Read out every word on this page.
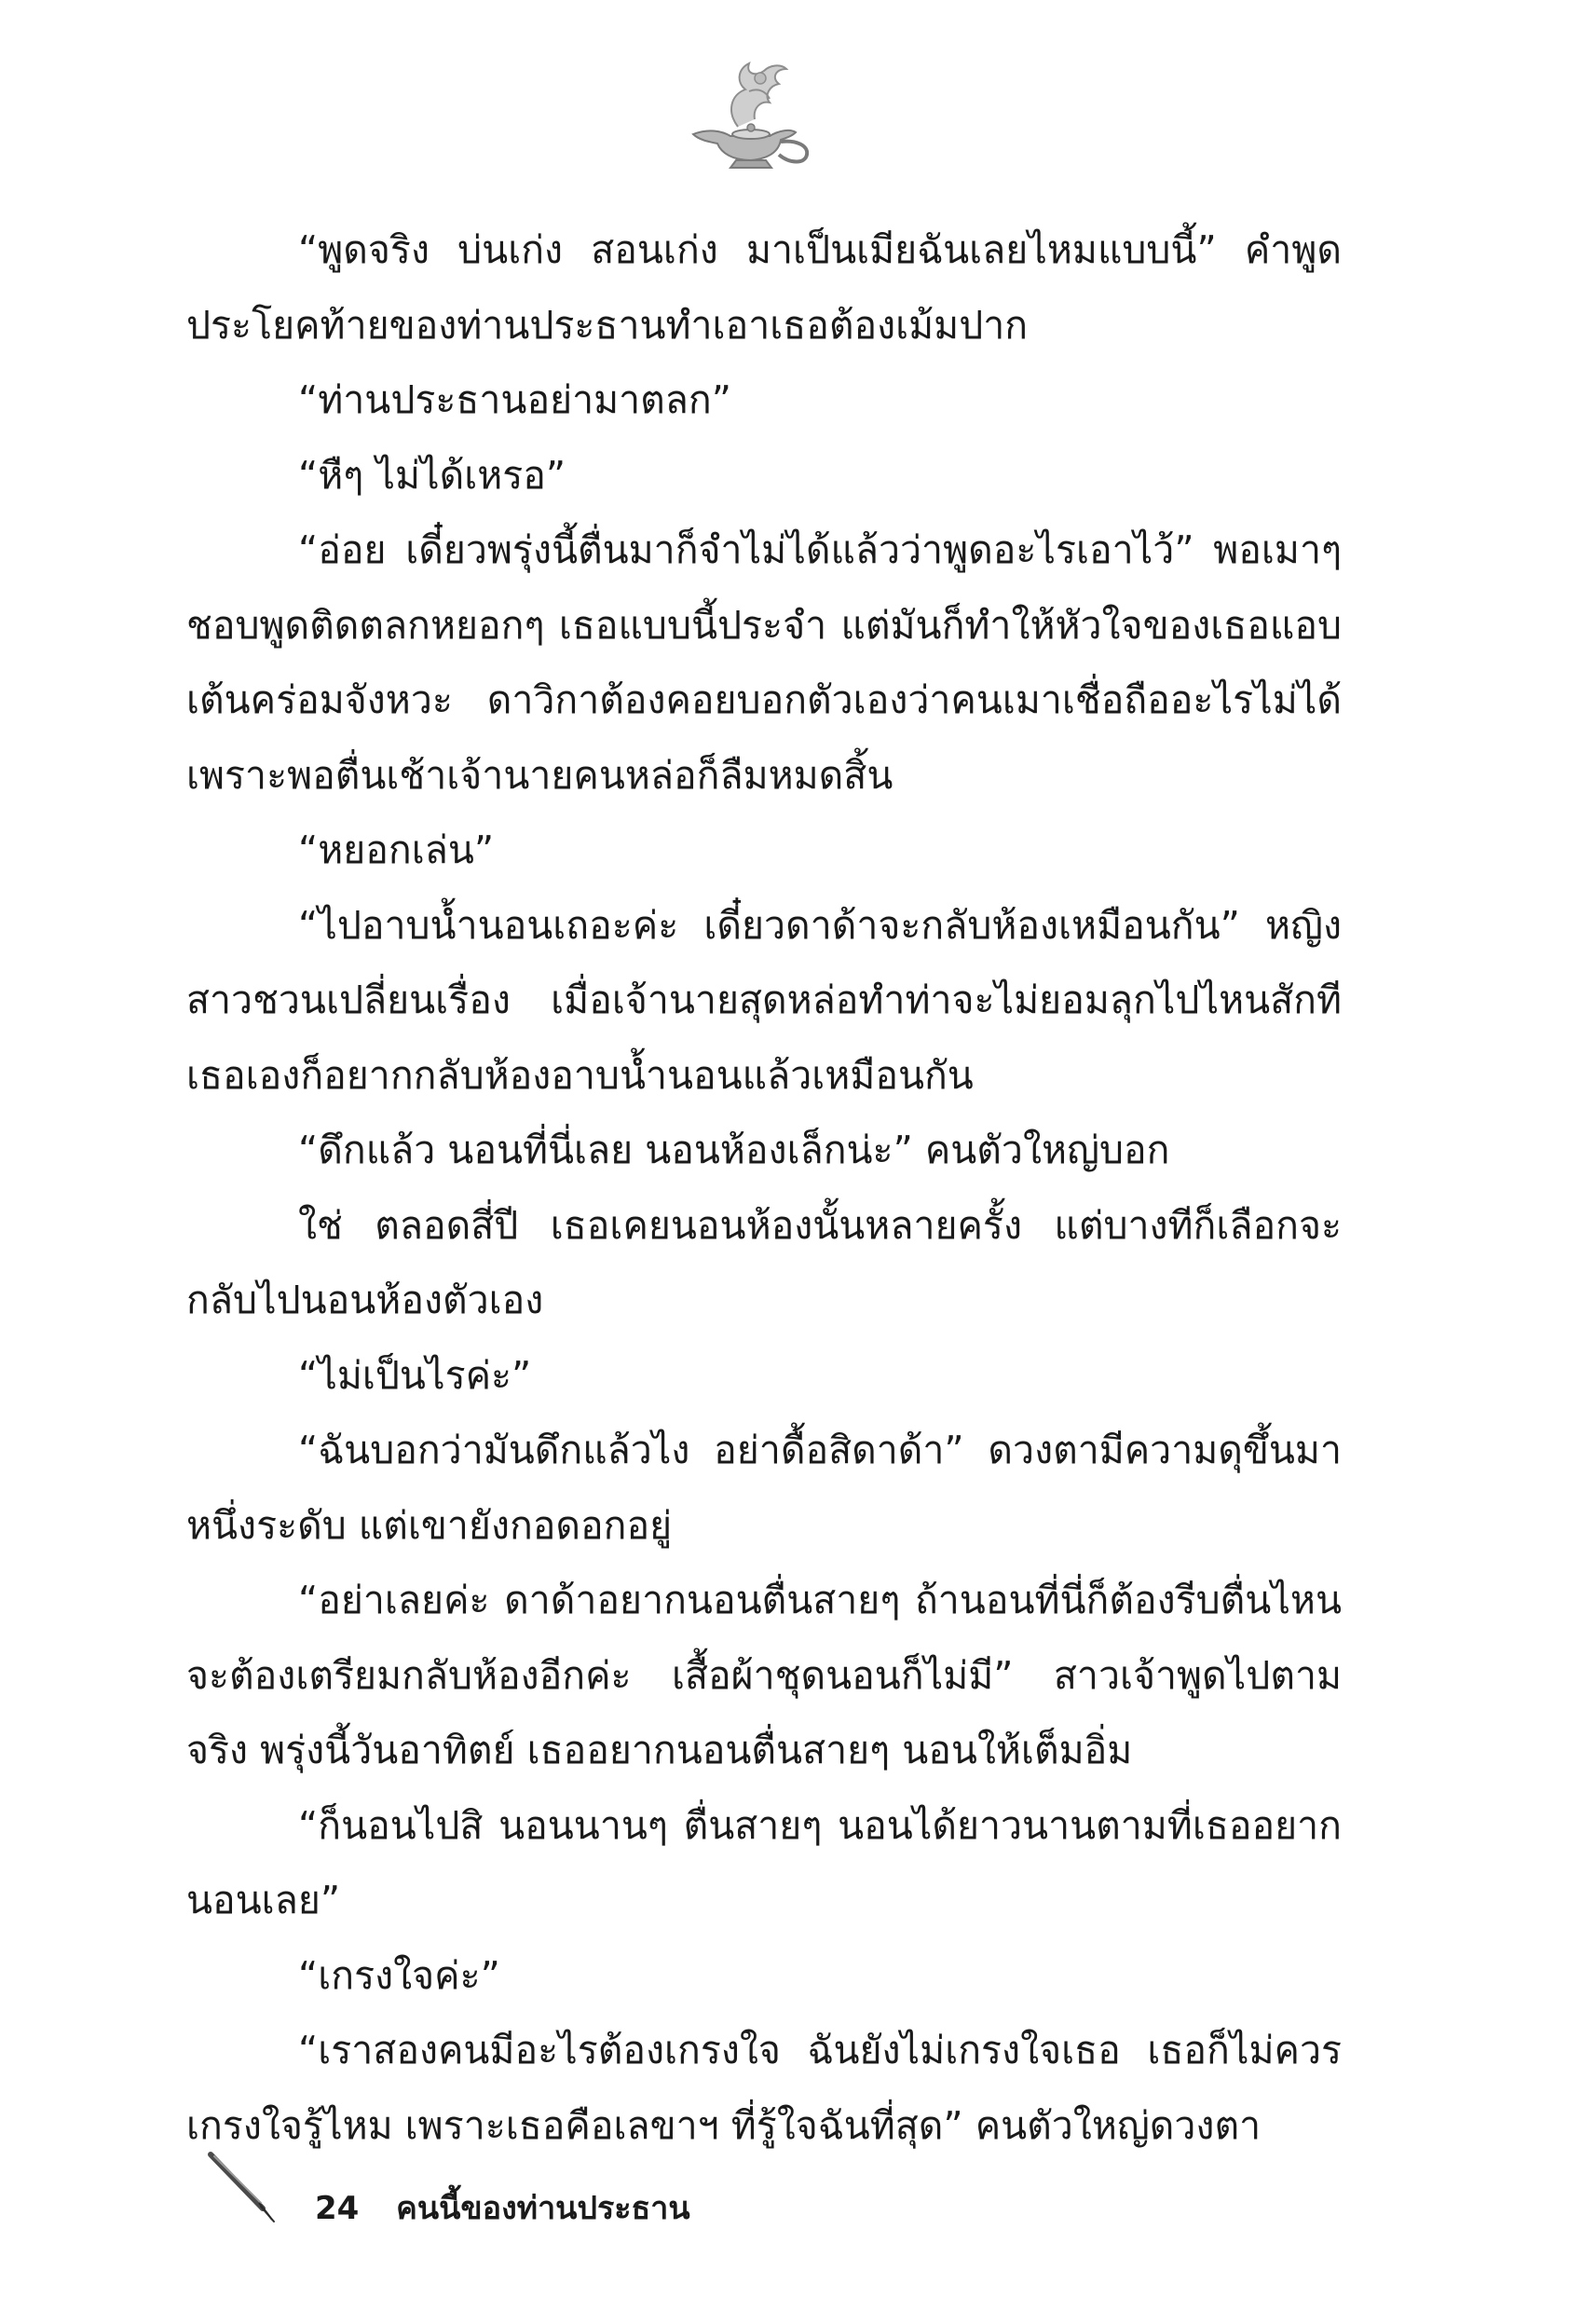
“พูดจริง บ่นเก่ง สอนเก่ง มาเป็นเมียฉันเลยไหมแบบนี้” คำพูดประโยคท้ายของท่านประธานทำเอาเธอต้องเม้มปาก

“ท่านประธานอย่ามาตลก”

“หืๆ ไม่ได้เหรอ”

“อ่อย เดี๋ยวพรุ่งนี้ตื่นมาก็จำไม่ได้แล้วว่าพูดอะไรเอาไว้” พอเมาๆ ชอบพูดติดตลกหยอกๆ เธอแบบนี้ประจำ แต่มันก็ทำให้หัวใจของเธอแอบเต้นคร่อมจังหวะ ดาวิกาต้องคอยบอกตัวเองว่าคนเมาเชื่อถืออะไรไม่ได้ เพราะพอตื่นเช้าเจ้านายคนหล่อก็ลืมหมดสิ้น

“หยอกเล่น”

“ไปอาบน้ำนอนเถอะค่ะ เดี๋ยวดาด้าจะกลับห้องเหมือนกัน” หญิงสาวชวนเปลี่ยนเรื่อง เมื่อเจ้านายสุดหล่อทำท่าจะไม่ยอมลุกไปไหนสักที เธอเองก็อยากกลับห้องอาบน้ำนอนแล้วเหมือนกัน

“ดึกแล้ว นอนที่นี่เลย นอนห้องเล็กน่ะ” คนตัวใหญ่บอก

ใช่ ตลอดสี่ปี เธอเคยนอนห้องนั้นหลายครั้ง แต่บางทีก็เลือกจะกลับไปนอนห้องตัวเอง

“ไม่เป็นไรค่ะ”

“ฉันบอกว่ามันดึกแล้วไง อย่าดื้อสิดาด้า” ดวงตามีความดุขึ้นมาหนึ่งระดับ แต่เขายังกอดอกอยู่

“อย่าเลยค่ะ ดาด้าอยากนอนตื่นสายๆ ถ้านอนที่นี่ก็ต้องรีบตื่นไหนจะต้องเตรียมกลับห้องอีกค่ะ เสื้อผ้าชุดนอนก็ไม่มี” สาวเจ้าพูดไปตามจริง พรุ่งนี้วันอาทิตย์ เธออยากนอนตื่นสายๆ นอนให้เต็มอิ่ม

“ก็นอนไปสิ นอนนานๆ ตื่นสายๆ นอนได้ยาวนานตามที่เธออยากนอนเลย”

“เกรงใจค่ะ”

“เราสองคนมีอะไรต้องเกรงใจ ฉันยังไม่เกรงใจเธอ เธอก็ไม่ควรเกรงใจรู้ไหม เพราะเธอคือเลขาฯ ที่รู้ใจฉันที่สุด” คนตัวใหญ่ดวงตา

24 คนนี้ของท่านประธาน
